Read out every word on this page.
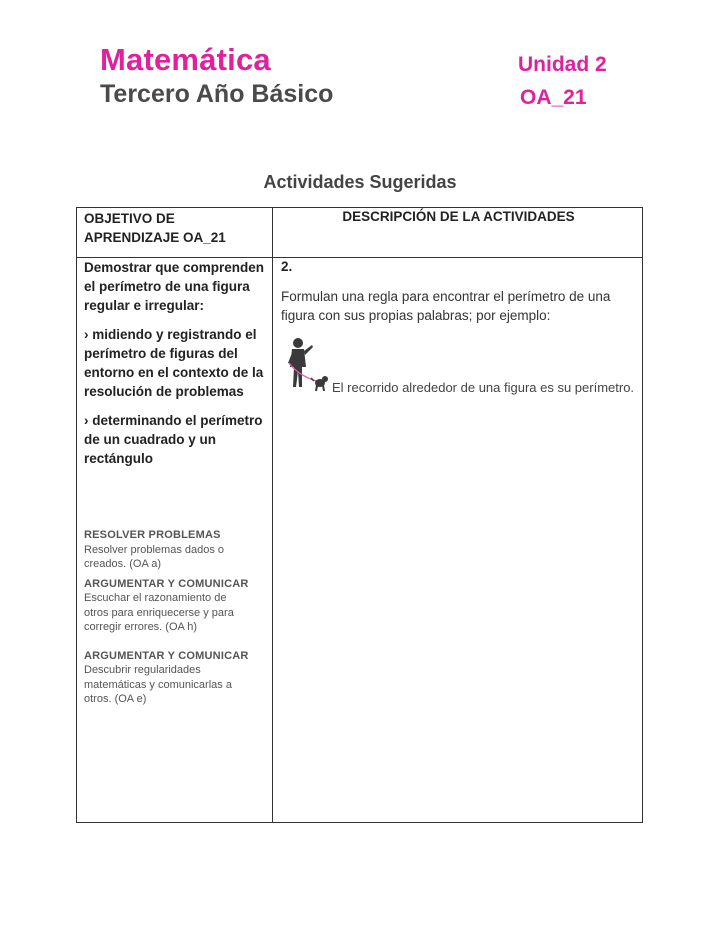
Matemática
Tercero Año Básico
Unidad 2
OA_21
Actividades Sugeridas
OBJETIVO DE APRENDIZAJE OA_21
DESCRIPCIÓN DE LA ACTIVIDADES

Demostrar que comprenden el perímetro de una figura regular e irregular:

› midiendo y registrando el perímetro de figuras del entorno en el contexto de la resolución de problemas

› determinando el perímetro de un cuadrado y un rectángulo

RESOLVER PROBLEMAS
Resolver problemas dados o creados. (OA a)
ARGUMENTAR Y COMUNICAR
Escuchar el razonamiento de otros para enriquecerse y para corregir errores. (OA h)
ARGUMENTAR Y COMUNICAR
Descubrir regularidades matemáticas y comunicarlas a otros. (OA e)
2.
Formulan una regla para encontrar el perímetro de una figura con sus propias palabras; por ejemplo:
El recorrido alrededor de una figura es su perímetro.
